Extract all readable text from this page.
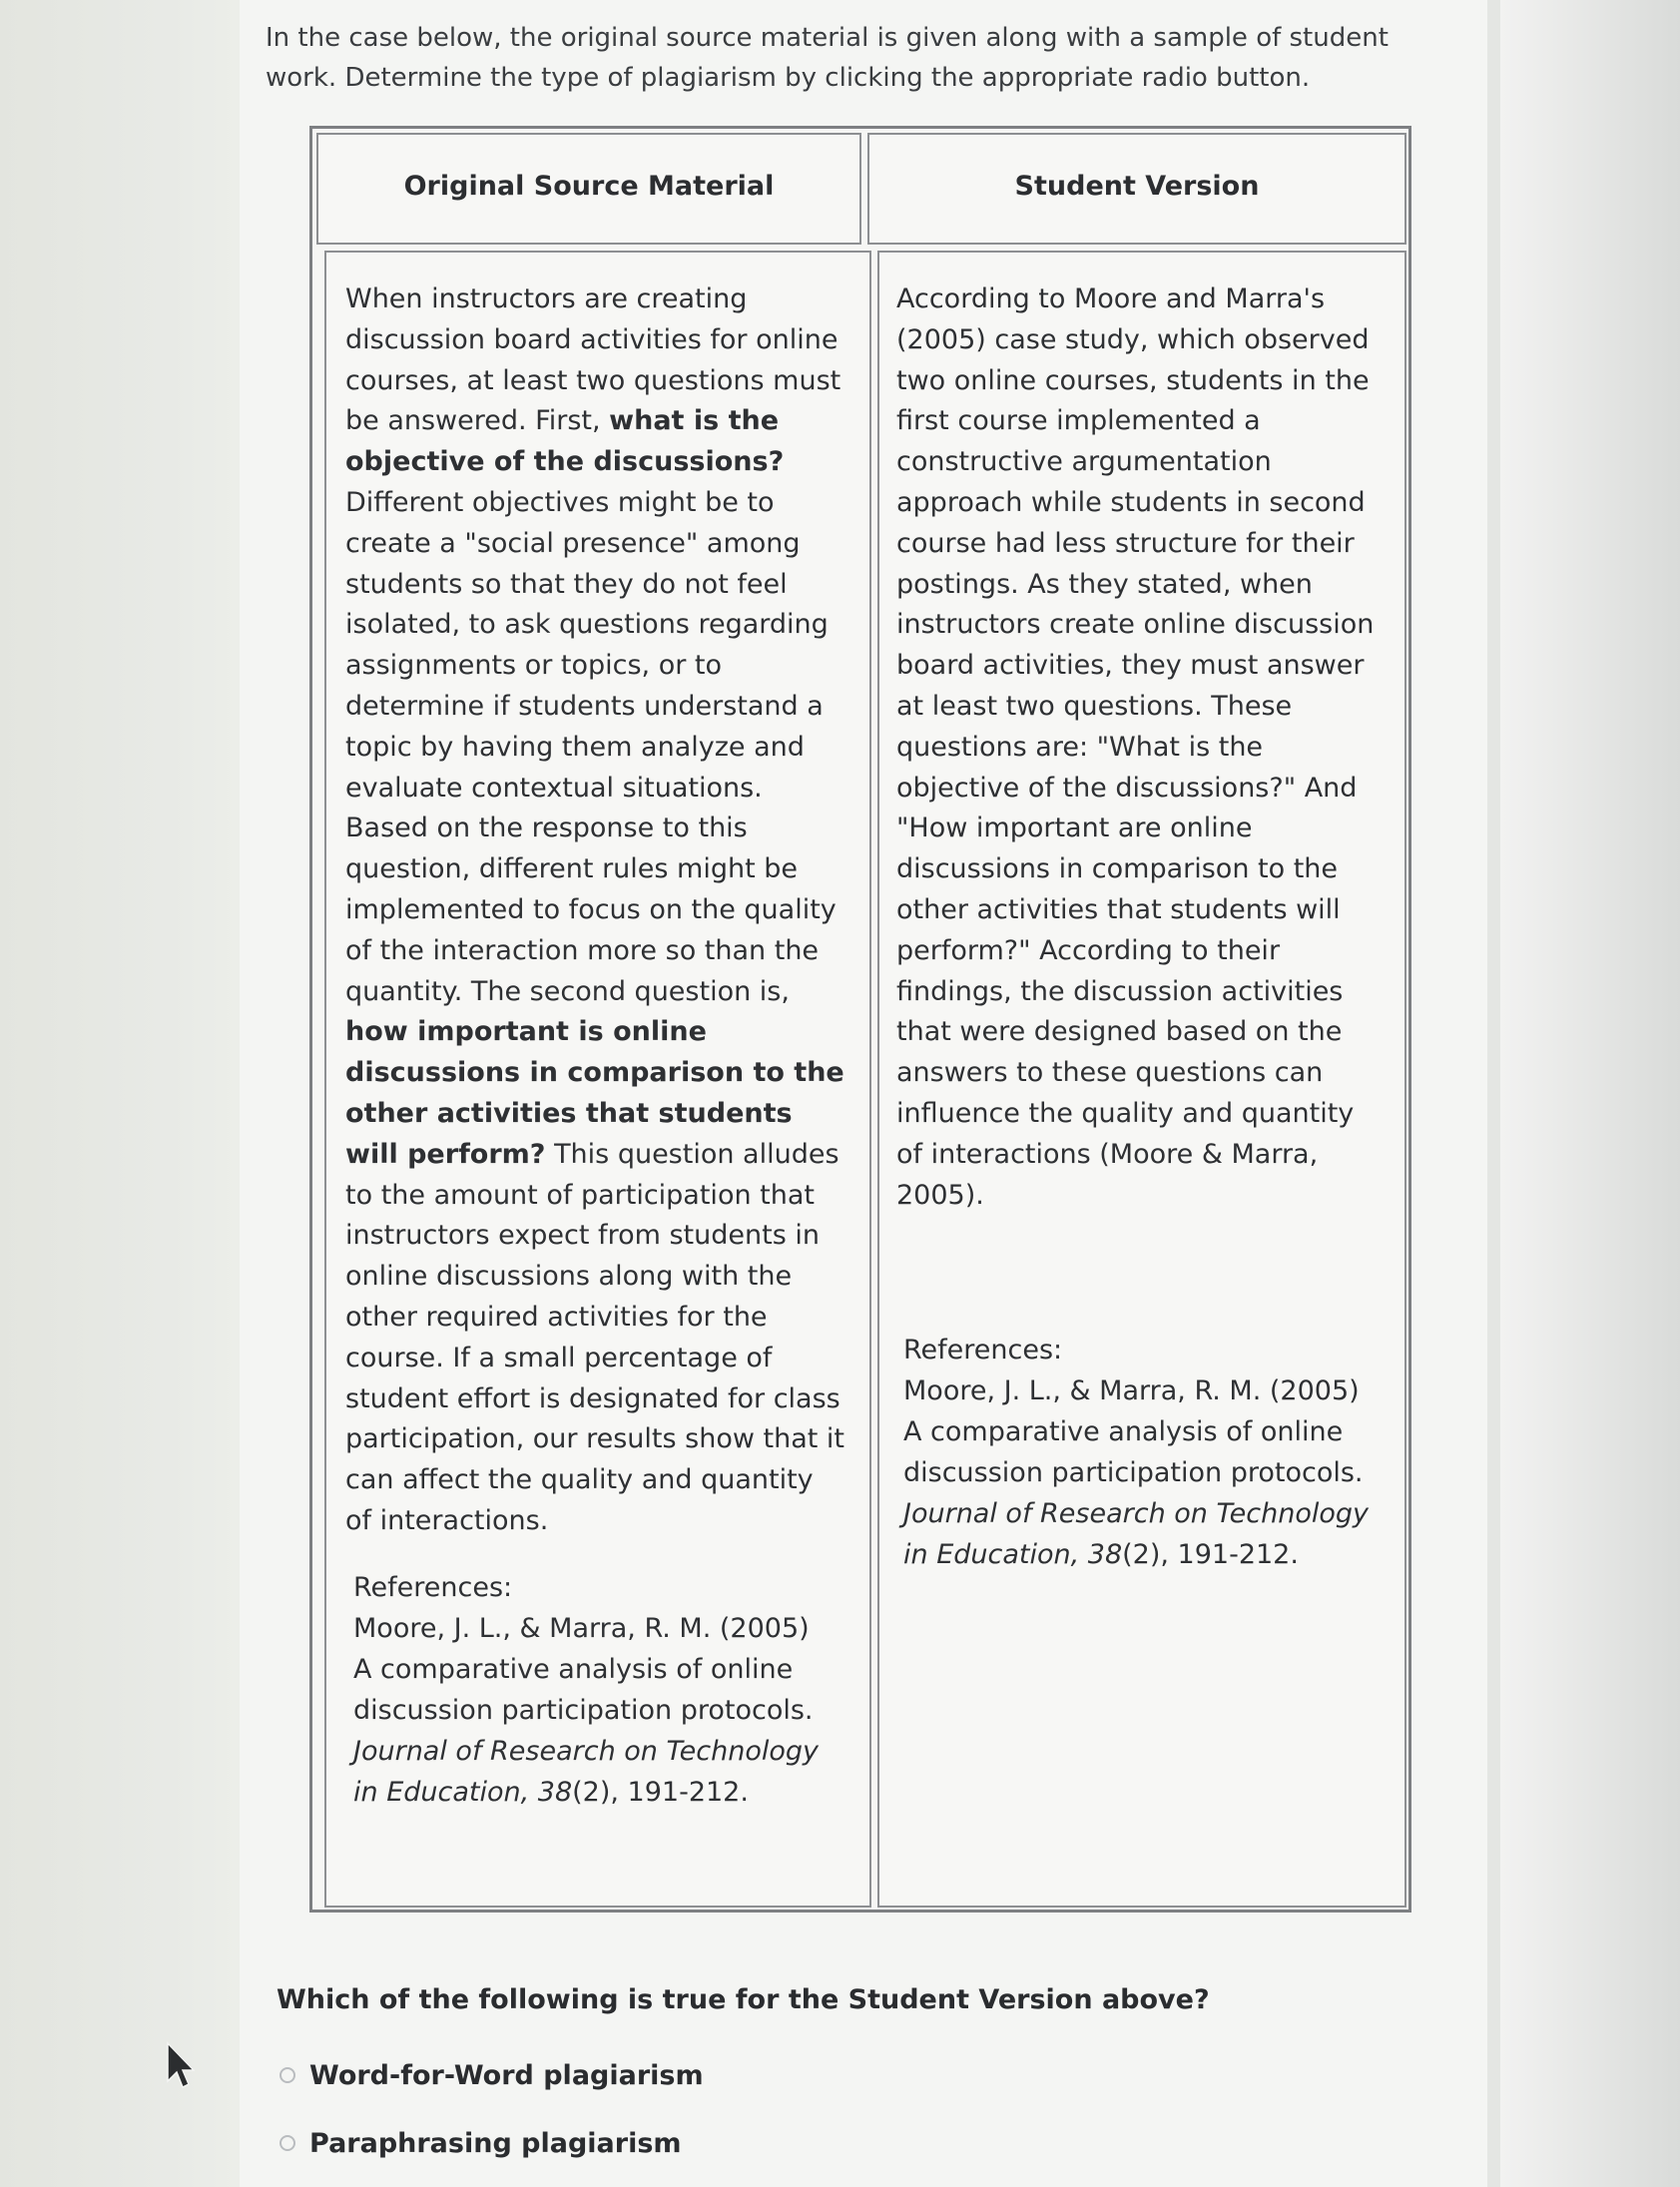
In the case below, the original source material is given along with a sample of student work. Determine the type of plagiarism by clicking the appropriate radio button.
Original Source Material	Student Version
When instructors are creating discussion board activities for online courses, at least two questions must be answered. First, what is the objective of the discussions? Different objectives might be to create a "social presence" among students so that they do not feel isolated, to ask questions regarding assignments or topics, or to determine if students understand a topic by having them analyze and evaluate contextual situations. Based on the response to this question, different rules might be implemented to focus on the quality of the interaction more so than the quantity. The second question is, how important is online discussions in comparison to the other activities that students will perform? This question alludes to the amount of participation that instructors expect from students in online discussions along with the other required activities for the course. If a small percentage of student effort is designated for class participation, our results show that it can affect the quality and quantity of interactions.
References:
Moore, J. L., & Marra, R. M. (2005)
A comparative analysis of online discussion participation protocols.
Journal of Research on Technology in Education, 38(2), 191-212.
According to Moore and Marra's (2005) case study, which observed two online courses, students in the first course implemented a constructive argumentation approach while students in second course had less structure for their postings. As they stated, when instructors create online discussion board activities, they must answer at least two questions. These questions are: "What is the objective of the discussions?" And "How important are online discussions in comparison to the other activities that students will perform?" According to their findings, the discussion activities that were designed based on the answers to these questions can influence the quality and quantity of interactions (Moore & Marra, 2005).
References:
Moore, J. L., & Marra, R. M. (2005)
A comparative analysis of online discussion participation protocols.
Journal of Research on Technology in Education, 38(2), 191-212.
Which of the following is true for the Student Version above?
Word-for-Word plagiarism
Paraphrasing plagiarism
